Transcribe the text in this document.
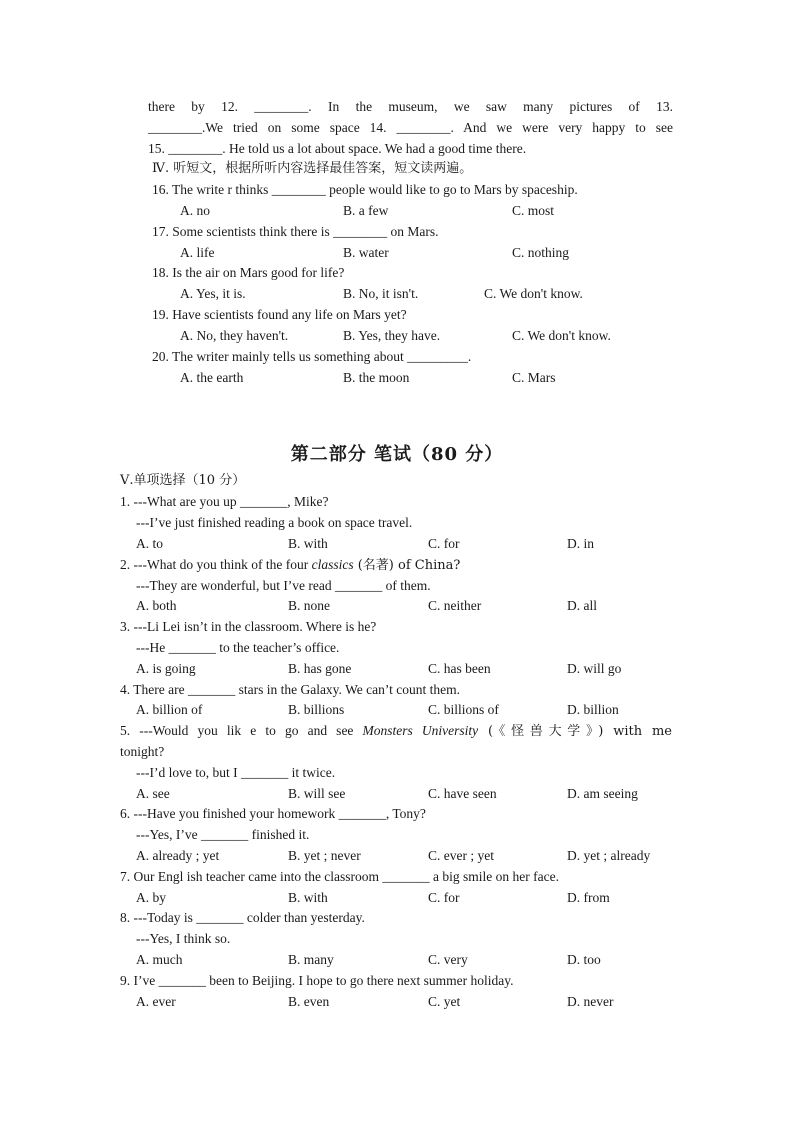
there by 12. ________. In the museum, we saw many pictures of 13.
________.We tried on some space 14. ________. And we were very happy to see
15. ________. He told us a lot about space. We had a good time there.
Ⅳ. 听短文，根据所听内容选择最佳答案，短文读两遍。
16. The write r thinks ________ people would like to go to Mars by spaceship.
A. no	B. a few	C. most
17. Some scientists think there is ________ on Mars.
A. life	B. water	C. nothing
18. Is the air on Mars good for life?
A. Yes, it is.	B. No, it isn't.	C. We don't know.
19. Have scientists found any life on Mars yet?
A. No, they haven't.	B. Yes, they have.	C. We don't know.
20. The writer mainly tells us something about _________.
A. the earth	B. the moon	C. Mars
第二部分 笔试（80 分）
Ⅴ.单项选择（10 分）
1. ---What are you up _______, Mike?
---I’ve just finished reading a book on space travel.
A. to	B. with	C. for	D. in
2. ---What do you think of the four classics (名著) of China?
---They are wonderful, but I’ve read _______ of them.
A. both	B. none	C. neither	D. all
3. ---Li Lei isn’t in the classroom. Where is he?
---He _______ to the teacher’s office.
A. is going	B. has gone	C. has been	D. will go
4. There are _______ stars in the Galaxy. We can’t count them.
A. billion of	B. billions	C. billions of	D. billion
5. ---Would you lik e to go and see Monsters University (《怪兽大学》) with me
tonight?
---I’d love to, but I _______ it twice.
A. see	B. will see	C. have seen	D. am seeing
6. ---Have you finished your homework _______, Tony?
---Yes, I’ve _______ finished it.
A. already ; yet	B. yet ; never	C. ever ; yet	D. yet ; already
7. Our Engl ish teacher came into the classroom _______ a big smile on her face.
A. by	B. with	C. for	D. from
8. ---Today is _______ colder than yesterday.
---Yes, I think so.
A. much	B. many	C. very	D. too
9. I’ve _______ been to Beijing. I hope to go there next summer holiday.
A. ever	B. even	C. yet	D. never
